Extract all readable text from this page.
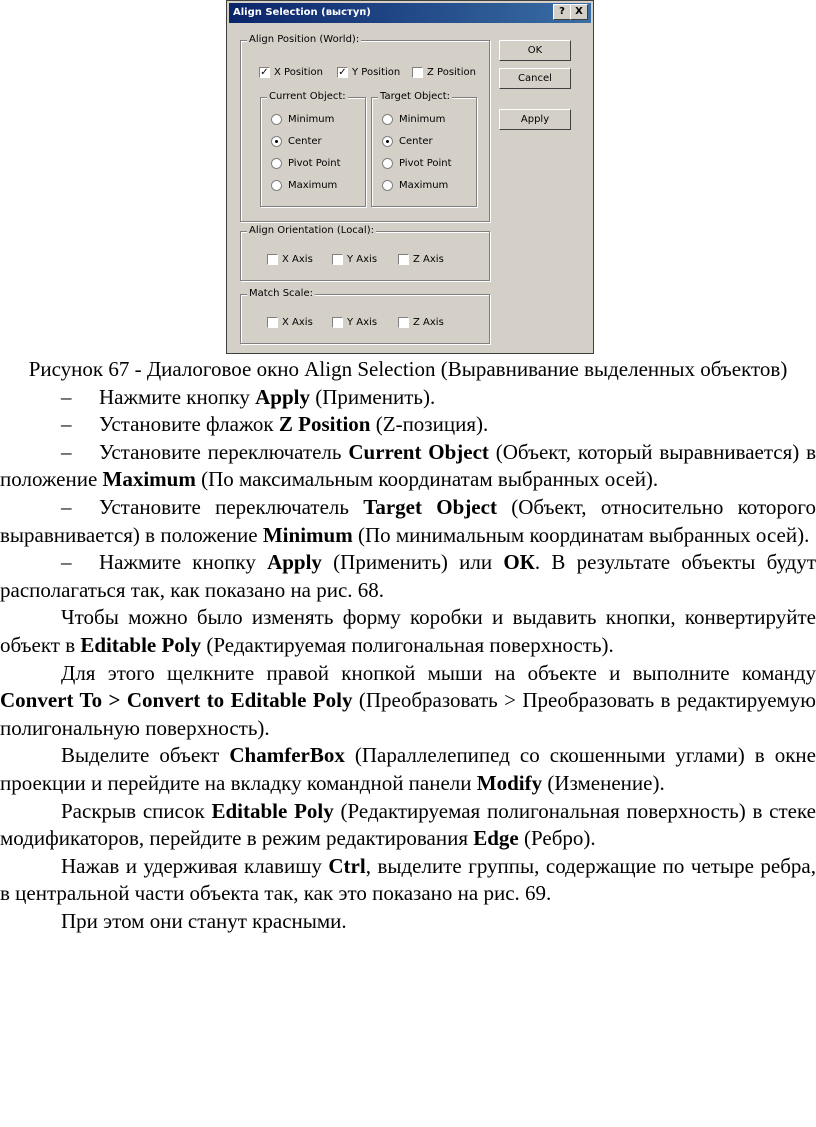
Align Selection (выступ)	?	X
Align Position (World):
✓ X Position ✓ Y Position	Z Position
Current Object:
Minimum
Center
Pivot Point
Maximum
Target Object:
Minimum
Center
Pivot Point
Maximum
Align Orientation (Local):
X Axis	Y Axis	Z Axis
Match Scale:
X Axis	Y Axis	Z Axis
OK
Cancel
Apply

Рисунок 67 - Диалоговое окно Align Selection (Выравнивание выделенных объектов)

– Нажмите кнопку Apply (Применить).

– Установите флажок Z Position (Z-позиция).

– Установите переключатель Current Object (Объект, который выравнивается) в положение Maximum (По максимальным координатам выбранных осей).

– Установите переключатель Target Object (Объект, относительно которого выравнивается) в положение Minimum (По минимальным координатам выбранных осей).

– Нажмите кнопку Apply (Применить) или ОК. В результате объекты будут располагаться так, как показано на рис. 68.

Чтобы можно было изменять форму коробки и выдавить кнопки, конвертируйте объект в Editable Poly (Редактируемая полигональная поверхность).

Для этого щелкните правой кнопкой мыши на объекте и выполните команду Convert To > Convert to Editable Poly (Преобразовать > Преобразовать в редактируемую полигональную поверхность).

Выделите объект ChamferBox (Параллелепипед со скошенными углами) в окне проекции и перейдите на вкладку командной панели Modify (Изменение).

Раскрыв список Editable Poly (Редактируемая полигональная поверхность) в стеке модификаторов, перейдите в режим редактирования Edge (Ребро).

Нажав и удерживая клавишу Ctrl, выделите группы, содержащие по четыре ребра, в центральной части объекта так, как это показано на рис. 69.

При этом они станут красными.
